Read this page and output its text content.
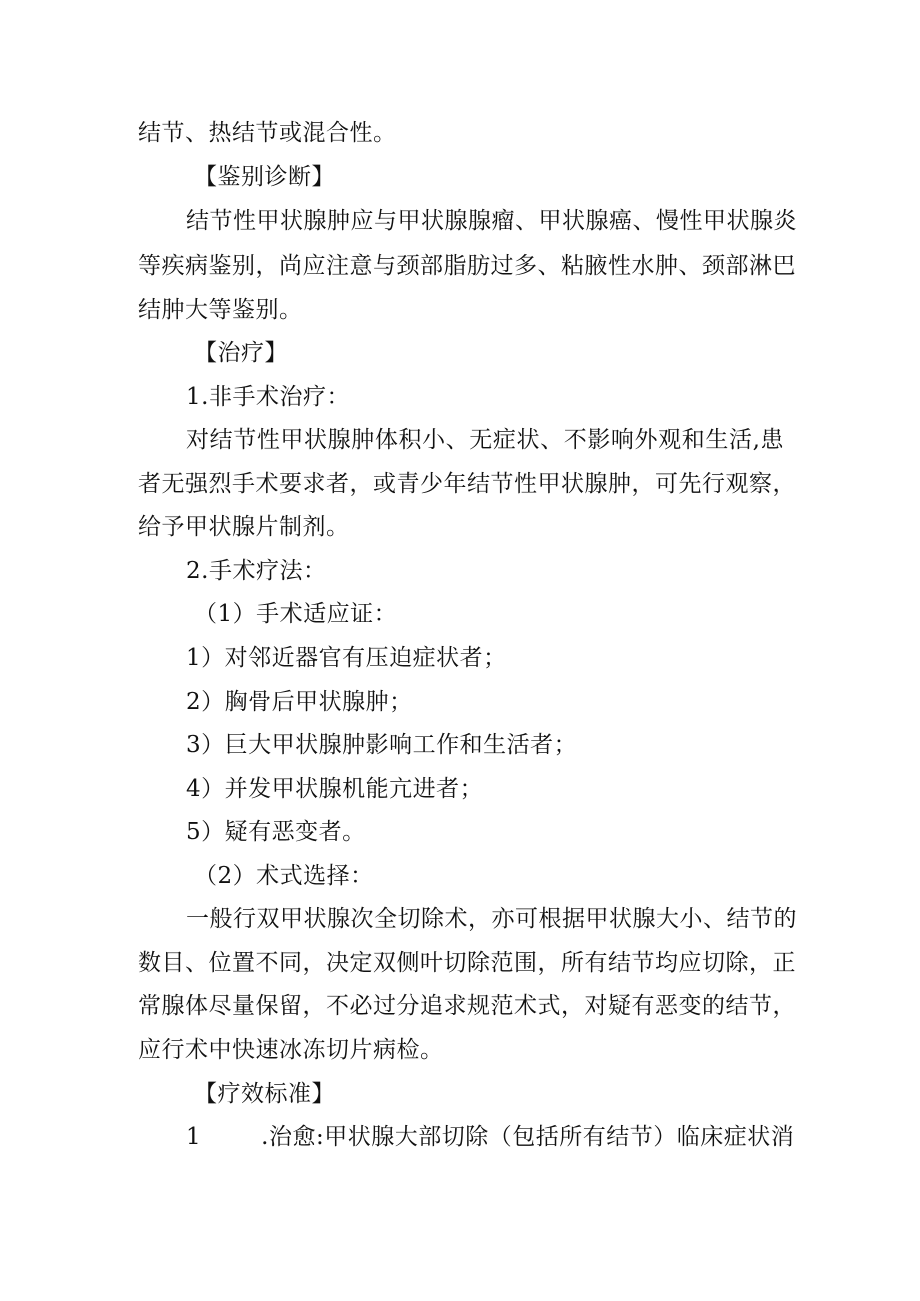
结节、热结节或混合性。
【鉴别诊断】
结节性甲状腺肿应与甲状腺腺瘤、甲状腺癌、慢性甲状腺炎
等疾病鉴别，尚应注意与颈部脂肪过多、粘腋性水肿、颈部淋巴
结肿大等鉴别。
【治疗】
1.非手术治疗：
对结节性甲状腺肿体积小、无症状、不影响外观和生活,患
者无强烈手术要求者，或青少年结节性甲状腺肿，可先行观察，
给予甲状腺片制剂。
2.手术疗法：
（1）手术适应证：
1）对邻近器官有压迫症状者；
2）胸骨后甲状腺肿；
3）巨大甲状腺肿影响工作和生活者；
4）并发甲状腺机能亢进者；
5）疑有恶变者。
（2）术式选择：
一般行双甲状腺次全切除术，亦可根据甲状腺大小、结节的
数目、位置不同，决定双侧叶切除范围，所有结节均应切除，正
常腺体尽量保留，不必过分追求规范术式，对疑有恶变的结节，
应行术中快速冰冻切片病检。
【疗效标准】
1	.治愈:甲状腺大部切除（包括所有结节）临床症状消
